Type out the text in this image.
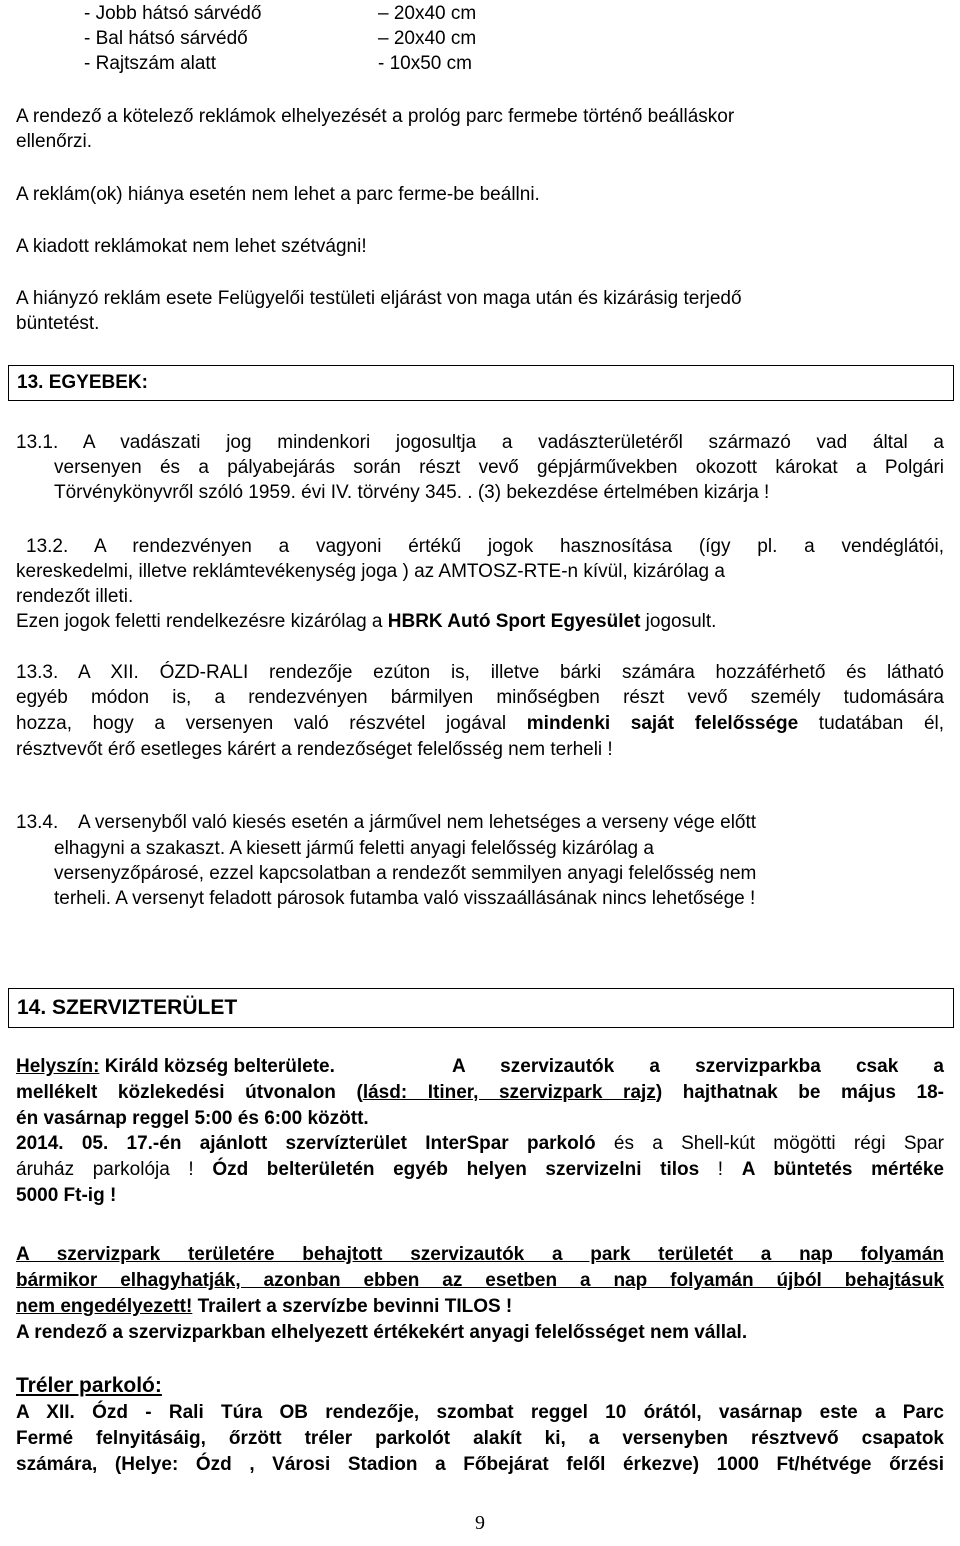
- Jobb hátsó sárvédő	– 20x40 cm
- Bal hátsó sárvédő	– 20x40 cm
- Rajtszám alatt	- 10x50 cm
A rendező a kötelező reklámok elhelyezését a prológ parc fermebe történő beálláskor
ellenőrzi.
A reklám(ok) hiánya esetén nem lehet a parc ferme-be beállni.
A kiadott reklámokat nem lehet szétvágni!
A hiányzó reklám esete Felügyelői testületi eljárást von maga után és kizárásig terjedő
büntetést.
13. EGYEBEK:
13.1. A vadászati jog mindenkori jogosultja a vadászterületéről származó vad által a
versenyen és a pályabejárás során részt vevő gépjárművekben okozott károkat a Polgári
Törvénykönyvről szóló 1959. évi IV. törvény 345. . (3) bekezdése értelmében kizárja !
13.2. A rendezvényen a vagyoni értékű jogok hasznosítása (így pl. a vendéglátói,
kereskedelmi, illetve reklámtevékenység joga ) az AMTOSZ-RTE-n kívül, kizárólag a
rendezőt illeti.
Ezen jogok feletti rendelkezésre kizárólag a HBRK Autó Sport Egyesület jogosult.
13.3. A XII. ÓZD-RALI rendezője ezúton is, illetve bárki számára hozzáférhető és látható
egyéb módon is, a rendezvényen bármilyen minőségben részt vevő személy tudomására
hozza, hogy a versenyen való részvétel jogával mindenki saját felelőssége tudatában él,
résztvevőt érő esetleges kárért a rendezőséget felelősség nem terheli !
13.4. A versenyből való kiesés esetén a járművel nem lehetséges a verseny vége előtt
elhagyni a szakaszt. A kiesett jármű feletti anyagi felelősség kizárólag a
versenyzőpárosé, ezzel kapcsolatban a rendezőt semmilyen anyagi felelősség nem
terheli. A versenyt feladott párosok futamba való visszaállásának nincs lehetősége !
14. SZERVIZTERÜLET
Helyszín: Királd község belterülete.	A szervizautók a szervizparkba csak a
mellékelt közlekedési útvonalon (lásd: Itiner, szervizpark rajz) hajthatnak be május 18-
én vasárnap reggel 5:00 és 6:00 között.
2014. 05. 17.-én ajánlott szervízterület InterSpar parkoló és a Shell-kút mögötti régi Spar
áruház parkolója ! Ózd belterületén egyéb helyen szervizelni tilos ! A büntetés mértéke
5000 Ft-ig !
A szervizpark területére behajtott szervizautók a park területét a nap folyamán
bármikor elhagyhatják, azonban ebben az esetben a nap folyamán újból behajtásuk
nem engedélyezett! Trailert a szervízbe bevinni TILOS !
A rendező a szervizparkban elhelyezett értékekért anyagi felelősséget nem vállal.
Tréler parkoló:
A XII. Ózd - Rali Túra OB rendezője, szombat reggel 10 órától, vasárnap este a Parc
Fermé felnyitásáig, őrzött tréler parkolót alakít ki, a versenyben résztvevő csapatok
számára, (Helye: Ózd , Városi Stadion a Főbejárat felől érkezve) 1000 Ft/hétvége őrzési
9
